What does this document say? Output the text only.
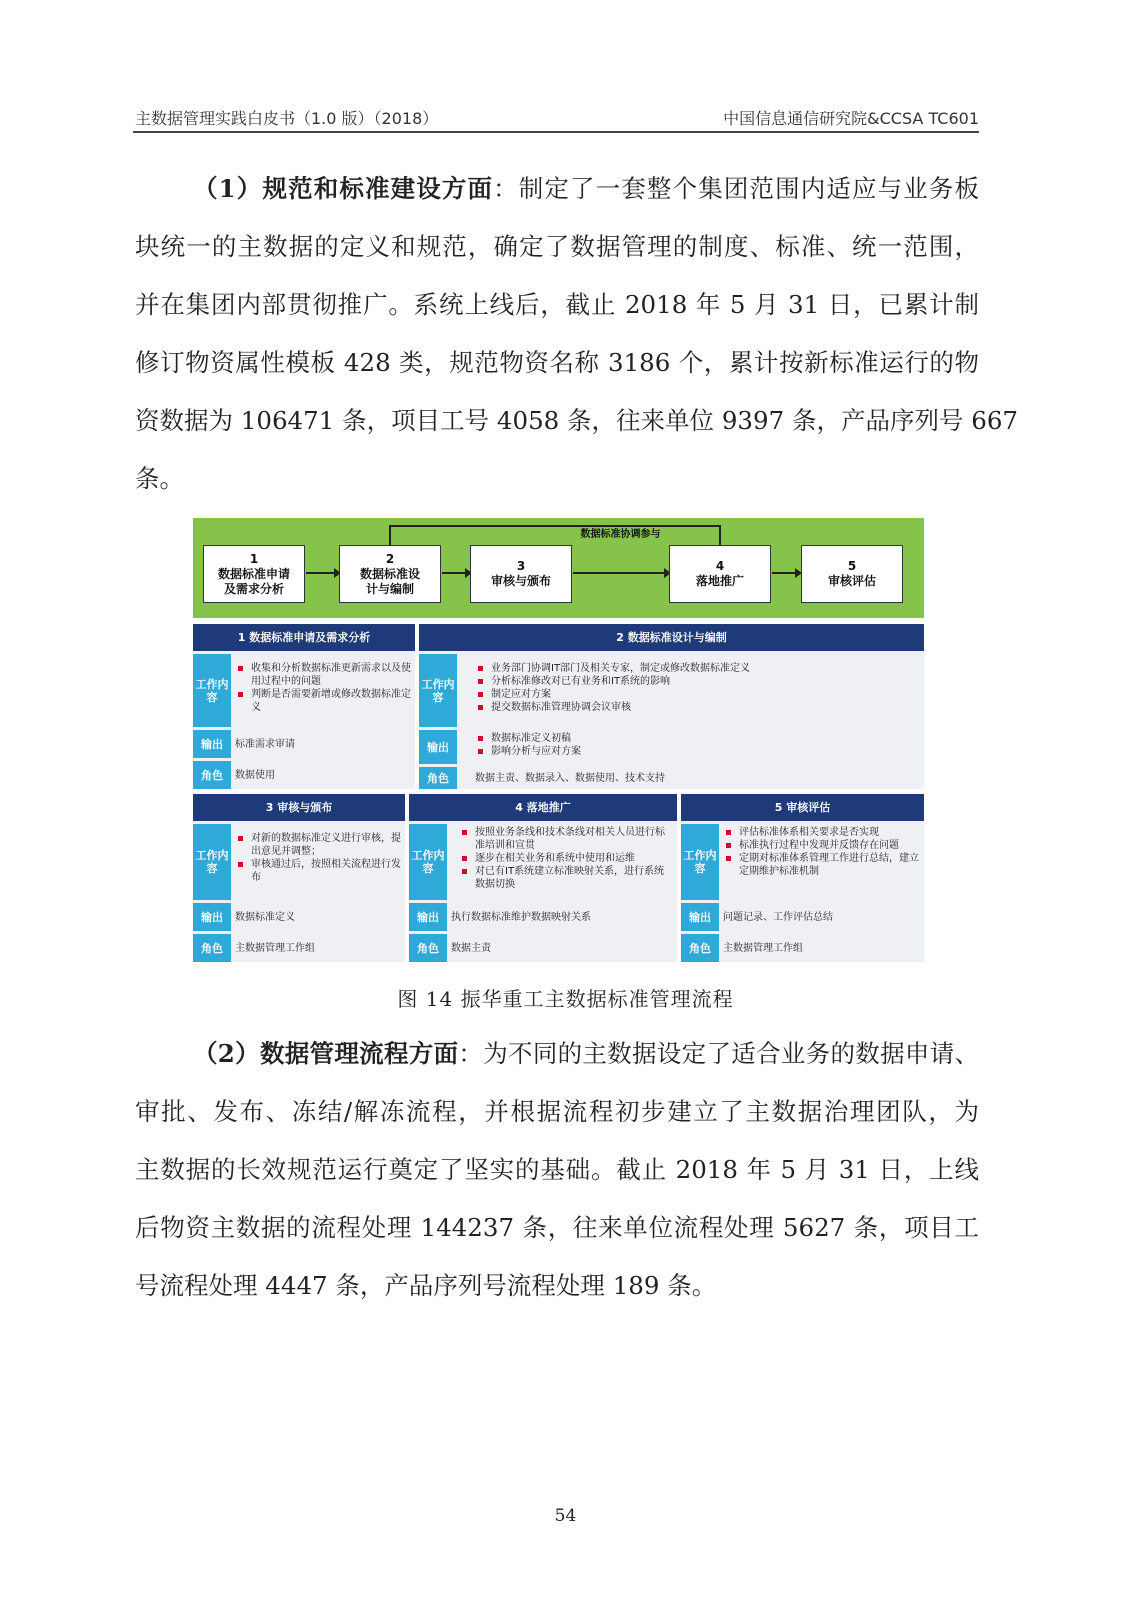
主数据管理实践白皮书（1.0 版）（2018）	中国信息通信研究院&CCSA TC601
（1）规范和标准建设方面：制定了一套整个集团范围内适应与业务板
块统一的主数据的定义和规范，确定了数据管理的制度、标准、统一范围，
并在集团内部贯彻推广。系统上线后，截止 2018 年 5 月 31 日，已累计制
修订物资属性模板 428 类，规范物资名称 3186 个，累计按新标准运行的物
资数据为 106471 条，项目工号 4058 条，往来单位 9397 条，产品序列号 667
条。
数据标准协调参与
1
数据标准申请
及需求分析
2
数据标准设
计与编制
3
审核与颁布
4
落地推广
5
审核评估
1 数据标准申请及需求分析
工作内容
收集和分析数据标准更新需求以及使用过程中的问题
判断是否需要新增或修改数据标准定义
输出	标准需求审请
角色	数据使用
2 数据标准设计与编制
工作内容
业务部门协调IT部门及相关专家，制定或修改数据标准定义
分析标准修改对已有业务和IT系统的影响
制定应对方案
提交数据标准管理协调会议审核
输出
数据标准定义初稿
影响分析与应对方案
角色	数据主责、数据录入、数据使用、技术支持
3 审核与颁布
工作内容
对新的数据标准定义进行审核，提出意见并调整；
审核通过后，按照相关流程进行发布
输出	数据标准定义
角色	主数据管理工作组
4 落地推广
工作内容
按照业务条线和技术条线对相关人员进行标准培训和宣贯
逐步在相关业务和系统中使用和运维
对已有IT系统建立标准映射关系，进行系统数据切换
输出	执行数据标准维护数据映射关系
角色	数据主责
5 审核评估
工作内容
评估标准体系相关要求是否实现
标准执行过程中发现并反馈存在问题
定期对标准体系管理工作进行总结，建立定期维护标准机制
输出	问题记录、工作评估总结
角色	主数据管理工作组
图 14 振华重工主数据标准管理流程
（2）数据管理流程方面：为不同的主数据设定了适合业务的数据申请、
审批、发布、冻结/解冻流程，并根据流程初步建立了主数据治理团队，为
主数据的长效规范运行奠定了坚实的基础。截止 2018 年 5 月 31 日，上线
后物资主数据的流程处理 144237 条，往来单位流程处理 5627 条，项目工
号流程处理 4447 条，产品序列号流程处理 189 条。
54
